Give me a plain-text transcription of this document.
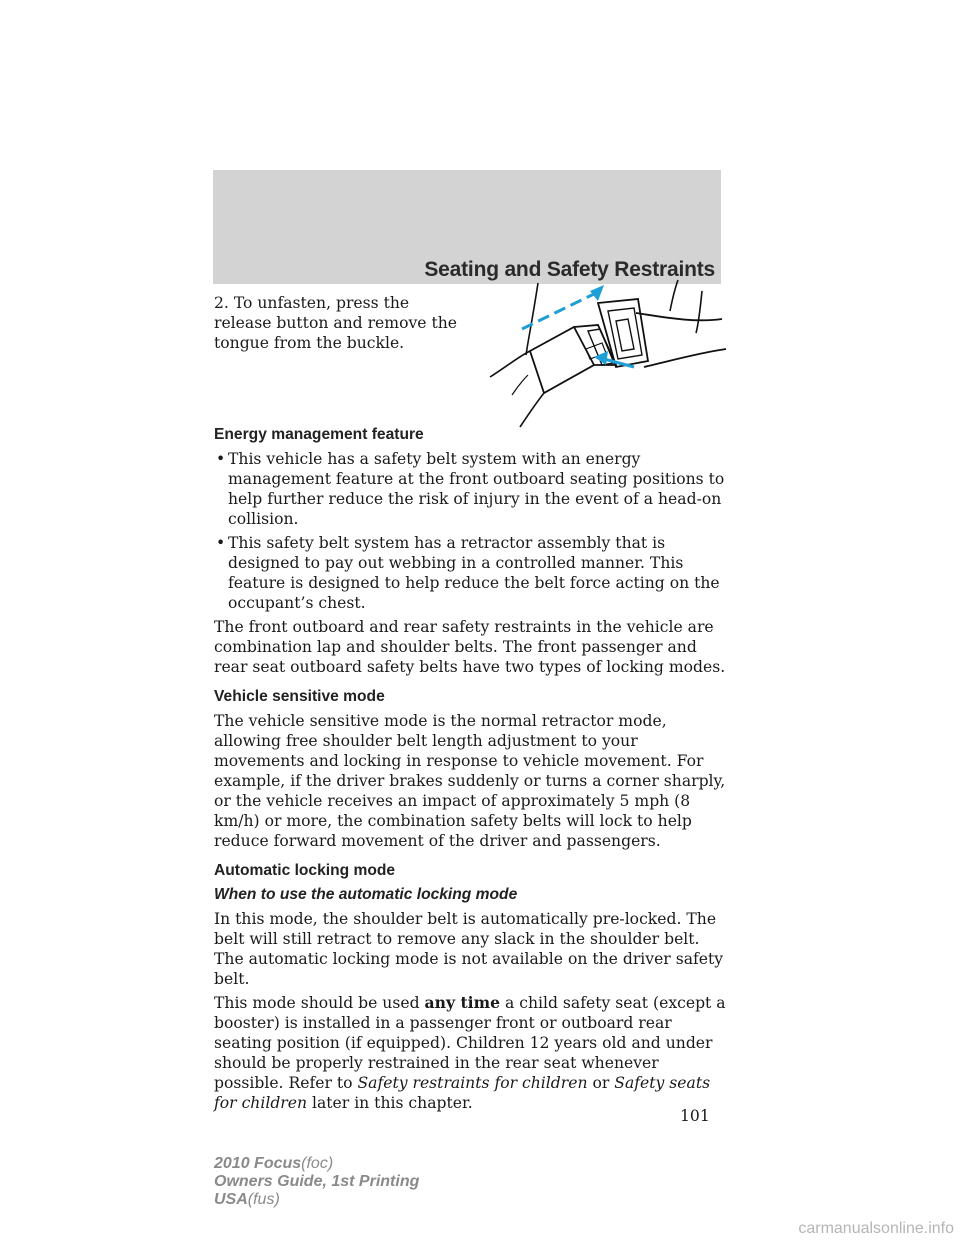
Seating and Safety Restraints

2. To unfasten, press the release button and remove the tongue from the buckle.

Energy management feature
• This vehicle has a safety belt system with an energy management feature at the front outboard seating positions to help further reduce the risk of injury in the event of a head-on collision.
• This safety belt system has a retractor assembly that is designed to pay out webbing in a controlled manner. This feature is designed to help reduce the belt force acting on the occupant’s chest.

The front outboard and rear safety restraints in the vehicle are combination lap and shoulder belts. The front passenger and rear seat outboard safety belts have two types of locking modes.

Vehicle sensitive mode

The vehicle sensitive mode is the normal retractor mode, allowing free shoulder belt length adjustment to your movements and locking in response to vehicle movement. For example, if the driver brakes suddenly or turns a corner sharply, or the vehicle receives an impact of approximately 5 mph (8 km/h) or more, the combination safety belts will lock to help reduce forward movement of the driver and passengers.

Automatic locking mode
When to use the automatic locking mode

In this mode, the shoulder belt is automatically pre-locked. The belt will still retract to remove any slack in the shoulder belt. The automatic locking mode is not available on the driver safety belt.

This mode should be used any time a child safety seat (except a booster) is installed in a passenger front or outboard rear seating position (if equipped). Children 12 years old and under should be properly restrained in the rear seat whenever possible. Refer to Safety restraints for children or Safety seats for children later in this chapter.

101
2010 Focus(foc)
Owners Guide, 1st Printing
USA(fus)
carmanualsonline.info
